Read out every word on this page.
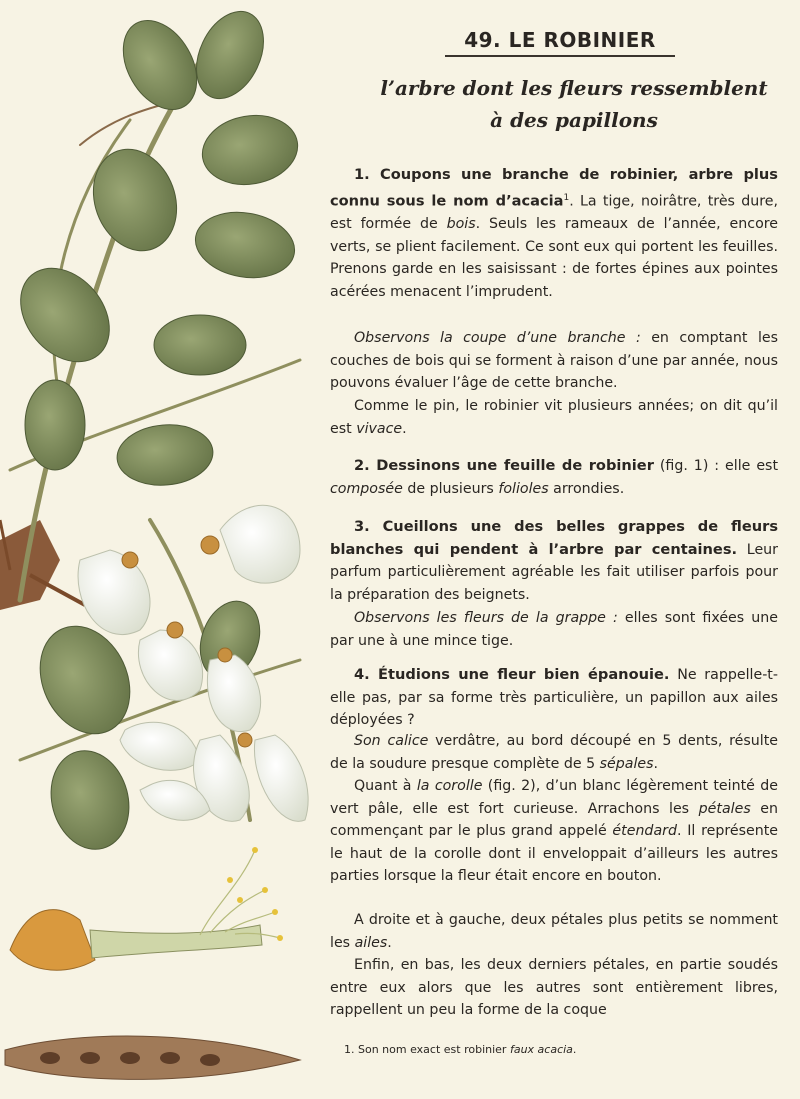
49. LE ROBINIER
l’arbre dont les fleurs ressemblent
à des papillons
1. Coupons une branche de robinier, arbre plus connu sous le nom d’acacia$^1$. La tige, noirâtre, très dure, est formée de bois. Seuls les rameaux de l’année, encore verts, se plient facilement. Ce sont eux qui portent les feuilles. Prenons garde en les saisissant : de fortes épines aux pointes acérées menacent l’imprudent.
Observons la coupe d’une branche : en comptant les couches de bois qui se forment à raison d’une par année, nous pouvons évaluer l’âge de cette branche.
Comme le pin, le robinier vit plusieurs années; on dit qu’il est vivace.
2. Dessinons une feuille de robinier (fig. 1) : elle est composée de plusieurs folioles arrondies.
3. Cueillons une des belles grappes de fleurs blanches qui pendent à l’arbre par centaines. Leur parfum particulièrement agréable les fait utiliser parfois pour la préparation des beignets.
Observons les fleurs de la grappe : elles sont fixées une par une à une mince tige.
4. Étudions une fleur bien épanouie. Ne rappelle-t-elle pas, par sa forme très particulière, un papillon aux ailes déployées ?
Son calice verdâtre, au bord découpé en 5 dents, résulte de la soudure presque complète de 5 sépales.
Quant à la corolle (fig. 2), d’un blanc légèrement teinté de vert pâle, elle est fort curieuse. Arrachons les pétales en commençant par le plus grand appelé étendard. Il représente le haut de la corolle dont il enveloppait d’ailleurs les autres parties lorsque la fleur était encore en bouton.
A droite et à gauche, deux pétales plus petits se nomment les ailes.
Enfin, en bas, les deux derniers pétales, en partie soudés entre eux alors que les autres sont entièrement libres, rappellent un peu la forme de la coque
1. Son nom exact est robinier faux acacia.
